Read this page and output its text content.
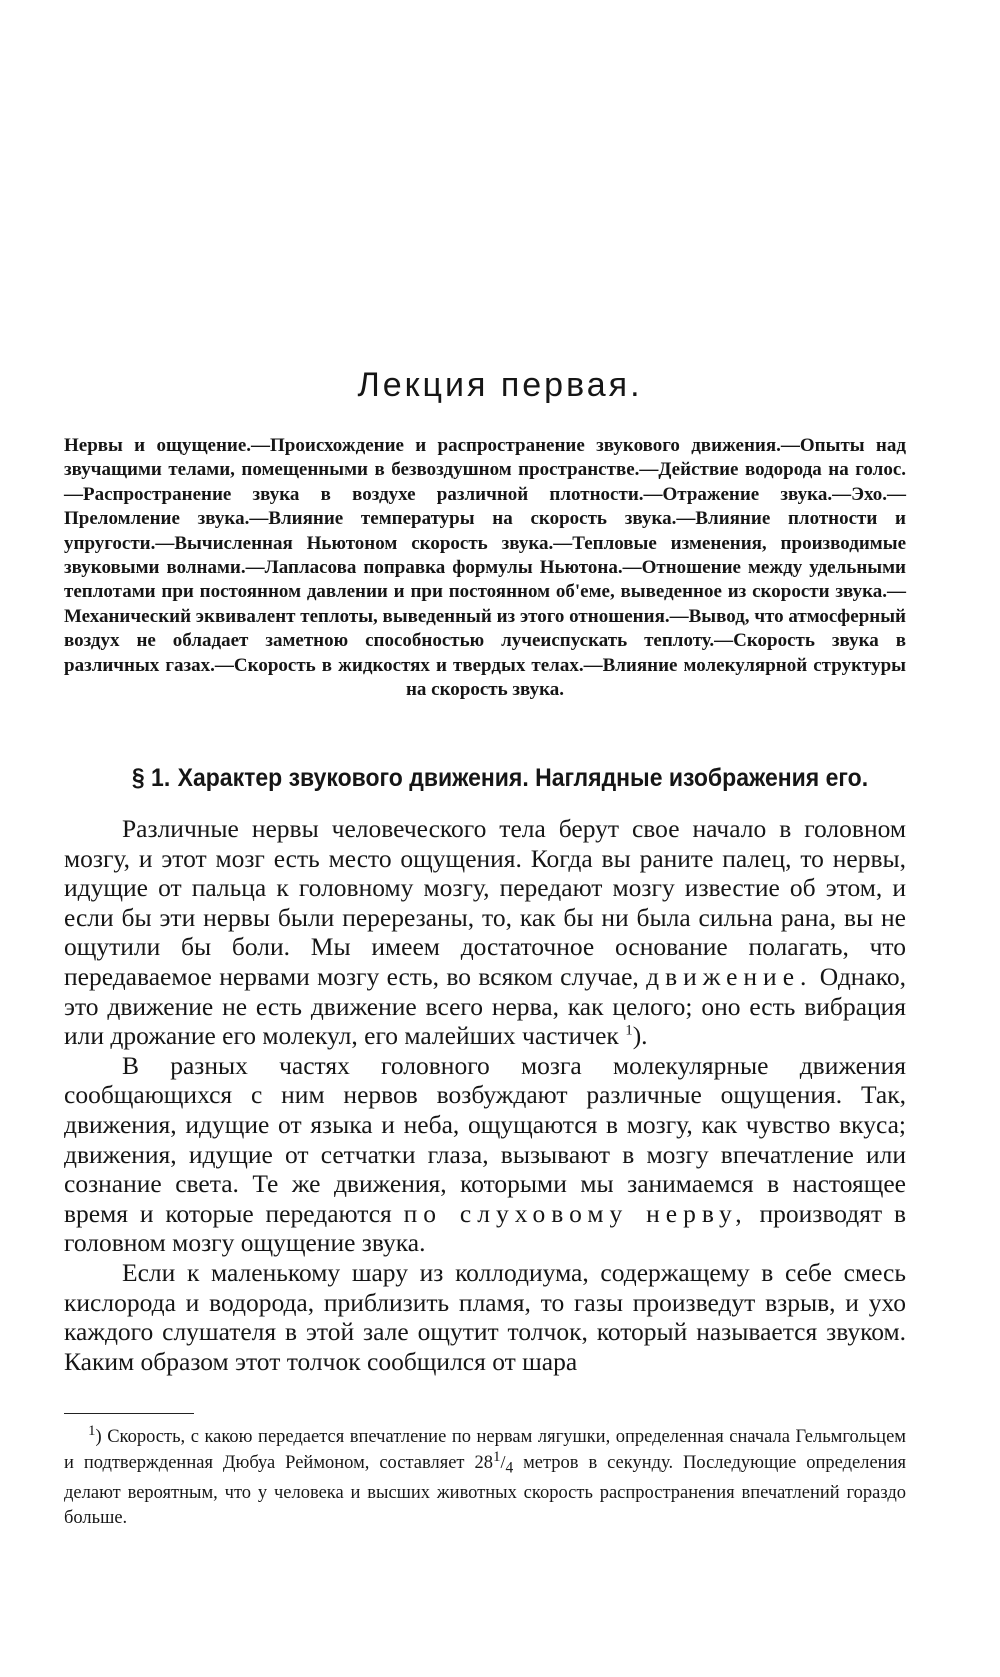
Лекция первая.

Нервы и ощущение.—Происхождение и распространение звукового движения.—Опыты над звучащими телами, помещенными в безвоздушном пространстве.—Действие водорода на голос.—Распространение звука в воздухе различной плотности.—Отражение звука.—Эхо.—Преломление звука.—Влияние температуры на скорость звука.—Влияние плотности и упругости.—Вычисленная Ньютоном скорость звука.—Тепловые изменения, производимые звуковыми волнами.—Лапласова поправка формулы Ньютона.—Отношение между удельными теплотами при постоянном давлении и при постоянном об'еме, выведенное из скорости звука.—Механический эквивалент теплоты, выведенный из этого отношения.—Вывод, что атмосферный воздух не обладает заметною способностью лучеиспускать теплоту.—Скорость звука в различных газах.—Скорость в жидкостях и твердых телах.—Влияние молекулярной структуры на скорость звука.

§ 1. Характер звукового движения. Наглядные изображения его.

Различные нервы человеческого тела берут свое начало в головном мозгу, и этот мозг есть место ощущения. Когда вы раните палец, то нервы, идущие от пальца к головному мозгу, передают мозгу известие об этом, и если бы эти нервы были перерезаны, то, как бы ни была сильна рана, вы не ощутили бы боли. Мы имеем достаточное основание полагать, что передаваемое нервами мозгу есть, во всяком случае, движение. Однако, это движение не есть движение всего нерва, как целого; оно есть вибрация или дрожание его молекул, его малейших частичек $^1$).

В разных частях головного мозга молекулярные движения сообщающихся с ним нервов возбуждают различные ощущения. Так, движения, идущие от языка и неба, ощущаются в мозгу, как чувство вкуса; движения, идущие от сетчатки глаза, вызывают в мозгу впечатление или сознание света. Те же движения, которыми мы занимаемся в настоящее время и которые передаются по слуховому нерву, производят в головном мозгу ощущение звука.

Если к маленькому шару из коллодиума, содержащему в себе смесь кислорода и водорода, приблизить пламя, то газы произведут взрыв, и ухо каждого слушателя в этой зале ощутит толчок, который называется звуком. Каким образом этот толчок сообщился от шара

$^1$) Скорость, с какою передается впечатление по нервам лягушки, определенная сначала Гельмгольцем и подтвержденная Дюбуа Реймоном, составляет $28^1/_4$ метров в секунду. Последующие определения делают вероятным, что у человека и высших животных скорость распространения впечатлений гораздо больше.
